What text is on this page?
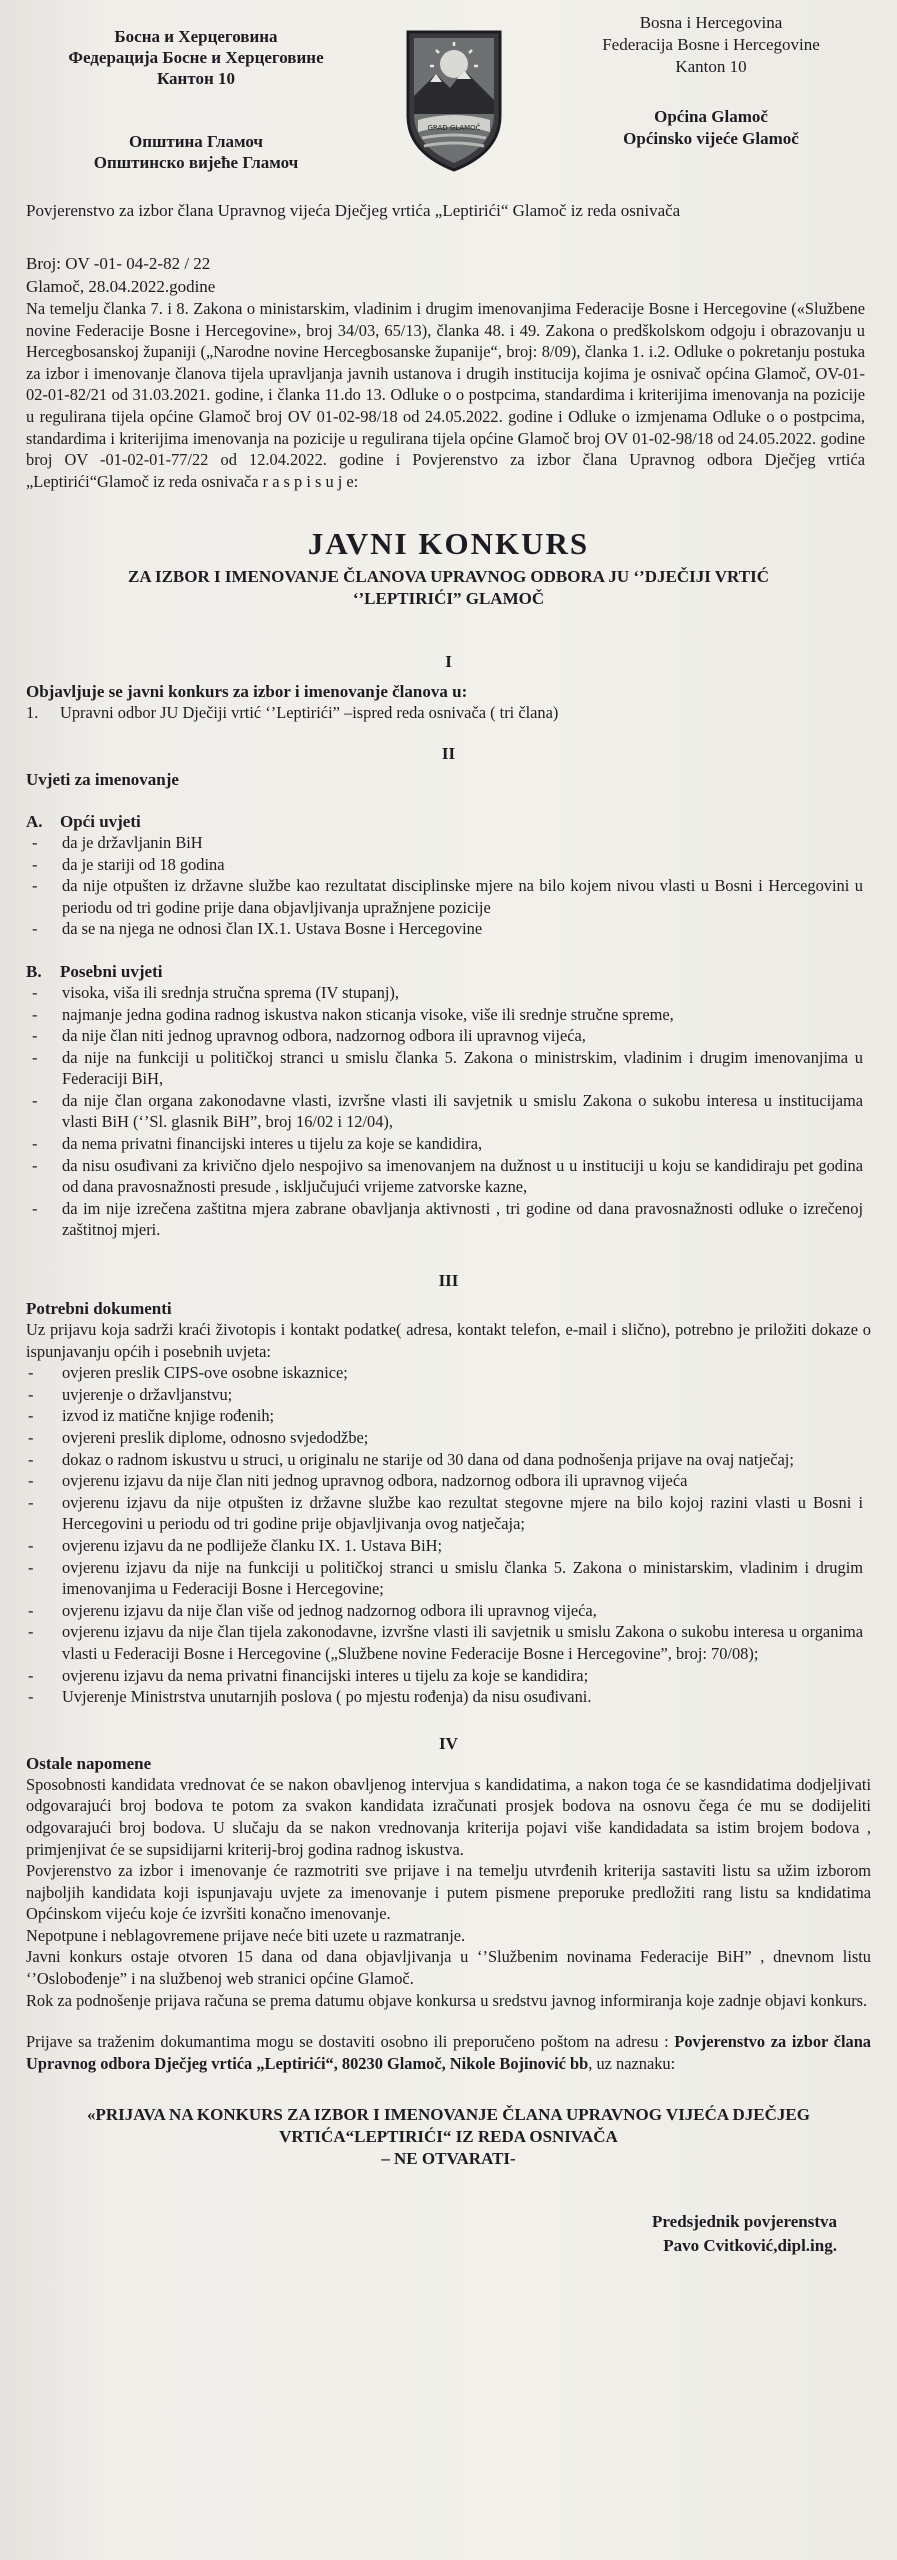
Босна и Херцеговина
Федерација Босне и Херцеговине
Кантон 10
Општина Гламоч
Општинско вијеће Гламоч
GRAD GLAMOČ
Bosna i Hercegovina
Federacija Bosne i Hercegovine
Kanton 10
Općina Glamoč
Općinsko vijeće Glamoč
Povjerenstvo za izbor člana Upravnog vijeća Dječjeg vrtića „Leptirići“ Glamoč iz reda osnivača
Broj: OV -01- 04-2-82 / 22
Glamoč, 28.04.2022.godine

Na temelju članka 7. i 8. Zakona o ministarskim, vladinim i drugim imenovanjima Federacije Bosne i Hercegovine («Službene novine Federacije Bosne i Hercegovine», broj 34/03, 65/13), članka 48. i 49. Zakona o predškolskom odgoju i obrazovanju u Hercegbosanskoj županiji („Narodne novine Hercegbosanske županije“, broj: 8/09), članka 1. i.2. Odluke o pokretanju postuka za izbor i imenovanje članova tijela upravljanja javnih ustanova i drugih institucija kojima je osnivač općina Glamoč, OV-01-02-01-82/21 od 31.03.2021. godine, i članka 11.do 13. Odluke o o postpcima, standardima i kriterijima imenovanja na pozicije u regulirana tijela općine Glamoč broj OV 01-02-98/18 od 24.05.2022. godine i Odluke o izmjenama Odluke o o postpcima, standardima i kriterijima imenovanja na pozicije u regulirana tijela općine Glamoč broj OV 01-02-98/18 od 24.05.2022. godine broj OV -01-02-01-77/22 od 12.04.2022. godine i Povjerenstvo za izbor člana Upravnog odbora Dječjeg vrtića „Leptirići“Glamoč iz reda osnivača r a s p i s u j e:

JAVNI KONKURS
ZA IZBOR I IMENOVANJE ČLANOVA UPRAVNOG ODBORA JU ‘’DJEČIJI VRTIĆ ‘’LEPTIRIĆI” GLAMOČ
I
Objavljuje se javni konkurs za izbor i imenovanje članova u:
1.	Upravni odbor JU Dječiji vrtić ‘’Leptirići” –ispred reda osnivača ( tri člana)
II
Uvjeti za imenovanje
A.	Opći uvjeti
-	da je državljanin BiH
-	da je stariji od 18 godina
-	da nije otpušten iz državne službe kao rezultatat disciplinske mjere na bilo kojem nivou vlasti u Bosni i Hercegovini u periodu od tri godine prije dana objavljivanja upražnjene pozicije
-	da se na njega ne odnosi član IX.1. Ustava Bosne i Hercegovine
B.	Posebni uvjeti
-	visoka, viša ili srednja stručna sprema (IV stupanj),
-	najmanje jedna godina radnog iskustva nakon sticanja visoke, više ili srednje stručne spreme,
-	da nije član niti jednog upravnog odbora, nadzornog odbora ili upravnog vijeća,
-	da nije na funkciji u političkoj stranci u smislu članka 5. Zakona o ministrskim, vladinim i drugim imenovanjima u Federaciji BiH,
-	da nije član organa zakonodavne vlasti, izvršne vlasti ili savjetnik u smislu Zakona o sukobu interesa u institucijama vlasti BiH (‘’Sl. glasnik BiH”, broj 16/02 i 12/04),
-	da nema privatni financijski interes u tijelu za koje se kandidira,
-	da nisu osuđivani za krivično djelo nespojivo sa imenovanjem na dužnost u u instituciji u koju se kandidiraju pet godina od dana pravosnažnosti presude , isključujući vrijeme zatvorske kazne,
-	da im nije izrečena zaštitna mjera zabrane obavljanja aktivnosti , tri godine od dana pravosnažnosti odluke o izrečenoj zaštitnoj mjeri.
III
Potrebni dokumenti

Uz prijavu koja sadrži kraći životopis i kontakt podatke( adresa, kontakt telefon, e-mail i slično), potrebno je priložiti dokaze o ispunjavanju općih i posebnih uvjeta:

-	ovjeren preslik CIPS-ove osobne iskaznice;
-	uvjerenje o državljanstvu;
-	izvod iz matične knjige rođenih;
-	ovjereni preslik diplome, odnosno svjedodžbe;
-	dokaz o radnom iskustvu u struci, u originalu ne starije od 30 dana od dana podnošenja prijave na ovaj natječaj;
-	ovjerenu izjavu da nije član niti jednog upravnog odbora, nadzornog odbora ili upravnog vijeća
-	ovjerenu izjavu da nije otpušten iz državne službe kao rezultat stegovne mjere na bilo kojoj razini vlasti u Bosni i Hercegovini u periodu od tri godine prije objavljivanja ovog natječaja;
-	ovjerenu izjavu da ne podliježe članku IX. 1. Ustava BiH;
-	ovjerenu izjavu da nije na funkciji u političkoj stranci u smislu članka 5. Zakona o ministarskim, vladinim i drugim imenovanjima u Federaciji Bosne i Hercegovine;
-	ovjerenu izjavu da nije član više od jednog nadzornog odbora ili upravnog vijeća,
-	ovjerenu izjavu da nije član tijela zakonodavne, izvršne vlasti ili savjetnik u smislu Zakona o sukobu interesa u organima vlasti u Federaciji Bosne i Hercegovine („Službene novine Federacije Bosne i Hercegovine”, broj: 70/08);
-	ovjerenu izjavu da nema privatni financijski interes u tijelu za koje se kandidira;
-	Uvjerenje Ministrstva unutarnjih poslova ( po mjestu rođenja) da nisu osuđivani.
IV
Ostale napomene

Sposobnosti kandidata vrednovat će se nakon obavljenog intervjua s kandidatima, a nakon toga će se kasndidatima dodjeljivati odgovarajući broj bodova te potom za svakon kandidata izračunati prosjek bodova na osnovu čega će mu se dodijeliti odgovarajući broj bodova. U slučaju da se nakon vrednovanja kriterija pojavi više kandidadata sa istim brojem bodova , primjenjivat će se supsidijarni kriterij-broj godina radnog iskustva.

Povjerenstvo za izbor i imenovanje će razmotriti sve prijave i na temelju utvrđenih kriterija sastaviti listu sa užim izborom najboljih kandidata koji ispunjavaju uvjete za imenovanje i putem pismene preporuke predložiti rang listu sa kndidatima Općinskom vijeću koje će izvršiti konačno imenovanje.

Nepotpune i neblagovremene prijave neće biti uzete u razmatranje.

Javni konkurs ostaje otvoren 15 dana od dana objavljivanja u ‘’Službenim novinama Federacije BiH” , dnevnom listu ‘’Oslobođenje” i na službenoj web stranici općine Glamoč.

Rok za podnošenje prijava računa se prema datumu objave konkursa u sredstvu javnog informiranja koje zadnje objavi konkurs.

Prijave sa traženim dokumantima mogu se dostaviti osobno ili preporučeno poštom na adresu : Povjerenstvo za izbor člana Upravnog odbora Dječjeg vrtića „Leptirići“, 80230 Glamoč, Nikole Bojinović bb, uz naznaku:

«PRIJAVA NA KONKURS ZA IZBOR I IMENOVANJE ČLANA UPRAVNOG VIJEĆA DJEČJEG VRTIĆA“LEPTIRIĆI“ IZ REDA OSNIVAČA
– NE OTVARATI-
Predsjednik povjerenstva
Pavo Cvitković,dipl.ing.
